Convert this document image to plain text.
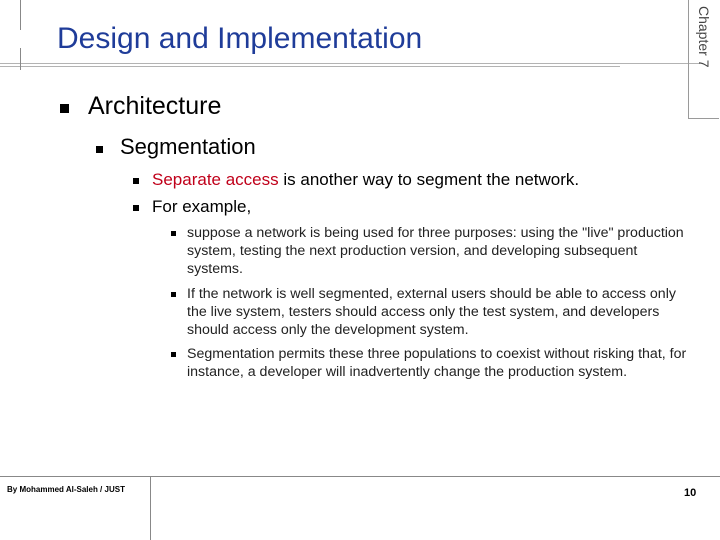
Chapter 7
Design and Implementation
Architecture
Segmentation
Separate access is another way to segment the network.
For example,
suppose a network is being used for three purposes: using the "live" production system, testing the next production version, and developing subsequent systems.
If the network is well segmented, external users should be able to access only the live system, testers should access only the test system, and developers should access only the development system.
Segmentation permits these three populations to coexist without risking that, for instance, a developer will inadvertently change the production system.
By Mohammed Al-Saleh / JUST	10
